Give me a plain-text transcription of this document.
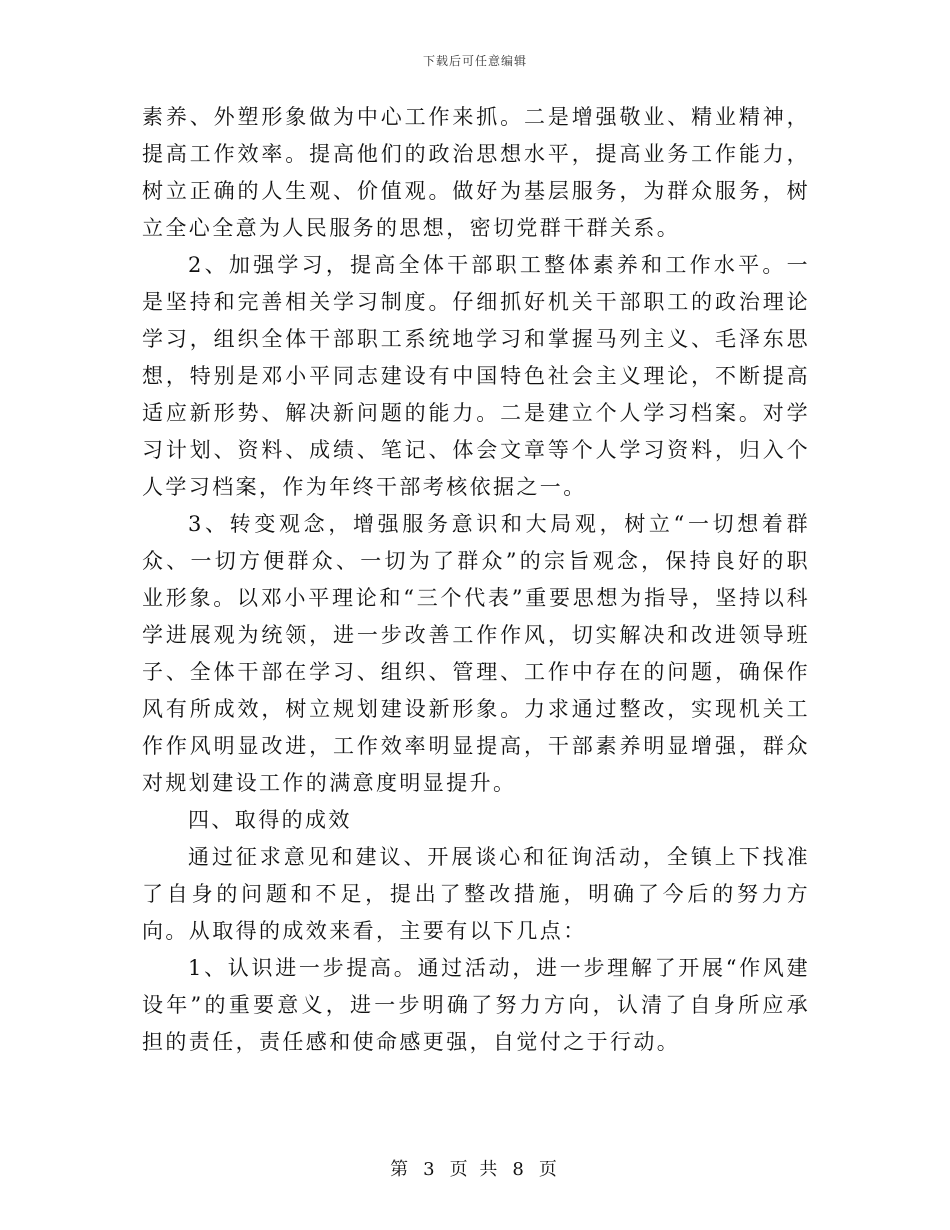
下载后可任意编辑

素养、外塑形象做为中心工作来抓。二是增强敬业、精业精神，提高工作效率。提高他们的政治思想水平，提高业务工作能力，树立正确的人生观、价值观。做好为基层服务，为群众服务，树立全心全意为人民服务的思想，密切党群干群关系。

2、加强学习，提高全体干部职工整体素养和工作水平。一是坚持和完善相关学习制度。仔细抓好机关干部职工的政治理论学习，组织全体干部职工系统地学习和掌握马列主义、毛泽东思想，特别是邓小平同志建设有中国特色社会主义理论，不断提高适应新形势、解决新问题的能力。二是建立个人学习档案。对学习计划、资料、成绩、笔记、体会文章等个人学习资料，归入个人学习档案，作为年终干部考核依据之一。

3、转变观念，增强服务意识和大局观，树立“一切想着群众、一切方便群众、一切为了群众”的宗旨观念，保持良好的职业形象。以邓小平理论和“三个代表”重要思想为指导，坚持以科学进展观为统领，进一步改善工作作风，切实解决和改进领导班子、全体干部在学习、组织、管理、工作中存在的问题，确保作风有所成效，树立规划建设新形象。力求通过整改，实现机关工作作风明显改进，工作效率明显提高，干部素养明显增强，群众对规划建设工作的满意度明显提升。

四、取得的成效

通过征求意见和建议、开展谈心和征询活动，全镇上下找准了自身的问题和不足，提出了整改措施，明确了今后的努力方向。从取得的成效来看，主要有以下几点：

1、认识进一步提高。通过活动，进一步理解了开展“作风建设年”的重要意义，进一步明确了努力方向，认清了自身所应承担的责任，责任感和使命感更强，自觉付之于行动。

第 3 页 共 8 页
